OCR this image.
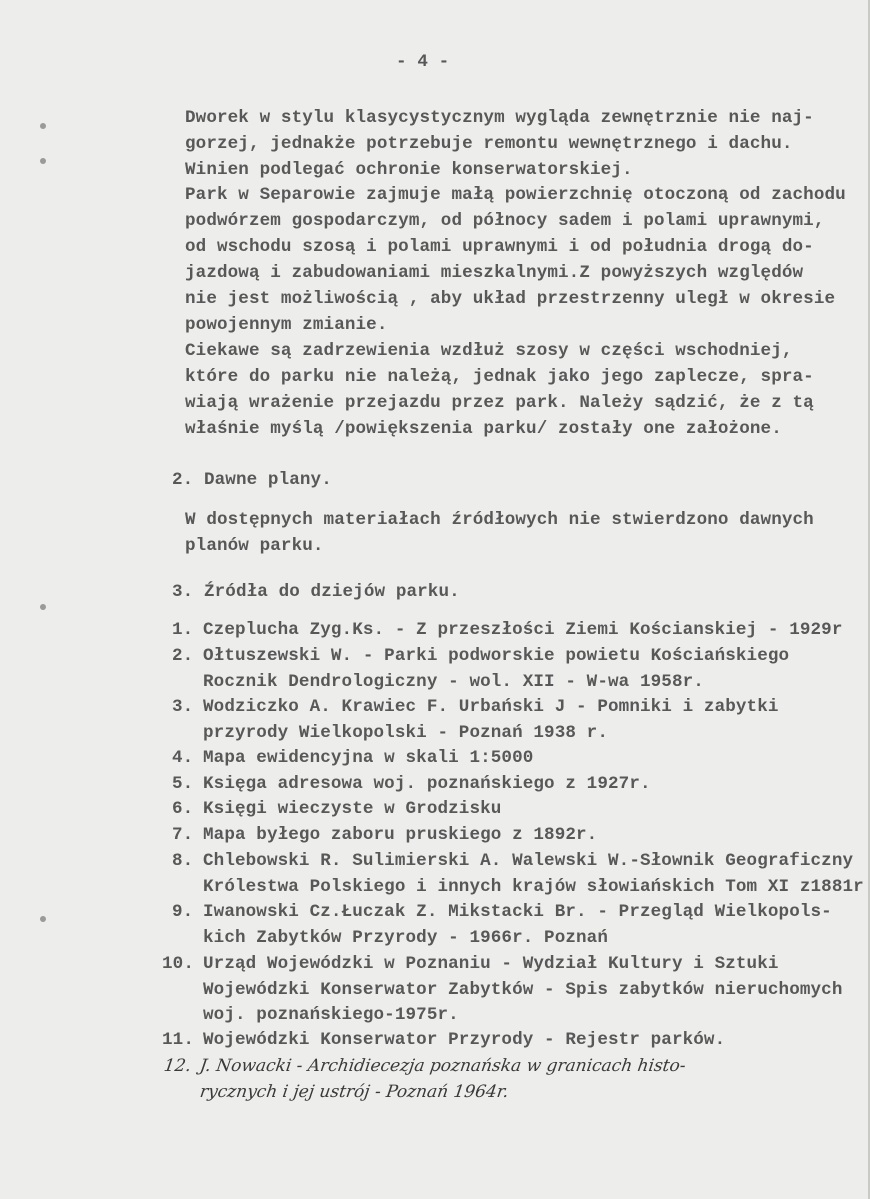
- 4 -
Dworek w stylu klasycystycznym wygląda zewnętrznie nie naj-
gorzej, jednakże potrzebuje remontu wewnętrznego i dachu.
Winien podlegać ochronie konserwatorskiej.
Park w Separowie zajmuje małą powierzchnię otoczoną od zachodu
podwórzem gospodarczym, od północy sadem i polami uprawnymi,
od wschodu szosą i polami uprawnymi i od południa drogą do-
jazdową i zabudowaniami mieszkalnymi.Z powyższych względów
nie jest możliwością , aby układ przestrzenny uległ w okresie
powojennym zmianie.
Ciekawe są zadrzewienia wzdłuż szosy w części wschodniej,
które do parku nie należą, jednak jako jego zaplecze, spra-
wiają wrażenie przejazdu przez park. Należy sądzić, że z tą
właśnie myślą /powiększenia parku/ zostały one założone.
2. Dawne plany.
W dostępnych materiałach źródłowych nie stwierdzono dawnych
planów parku.
3. Źródła do dziejów parku.
1. Czeplucha Zyg.Ks. - Z przeszłości Ziemi Kościanskiej - 1929r
2. Ołtuszewski W. - Parki podworskie powietu Kościańskiego
Rocznik Dendrologiczny - wol. XII - W-wa 1958r.
3. Wodziczko A. Krawiec F. Urbański J - Pomniki i zabytki
przyrody Wielkopolski - Poznań 1938 r.
4. Mapa ewidencyjna w skali 1:5000
5. Księga adresowa woj. poznańskiego z 1927r.
6. Księgi wieczyste w Grodzisku
7. Mapa byłego zaboru pruskiego z 1892r.
8. Chlebowski R. Sulimierski A. Walewski W.-Słownik Geograficzny
Królestwa Polskiego i innych krajów słowiańskich Tom XI z1881r
9. Iwanowski Cz.Łuczak Z. Mikstacki Br. - Przegląd Wielkopols-
kich Zabytków Przyrody - 1966r. Poznań
10. Urząd Wojewódzki w Poznaniu - Wydział Kultury i Sztuki
Wojewódzki Konserwator Zabytków - Spis zabytków nieruchomych
woj. poznańskiego-1975r.
11. Wojewódzki Konserwator Przyrody - Rejestr parków.
12. J. Nowacki - Archidiecezja poznańska w granicach histo-
rycznych i jej ustrój - Poznań 1964r.
